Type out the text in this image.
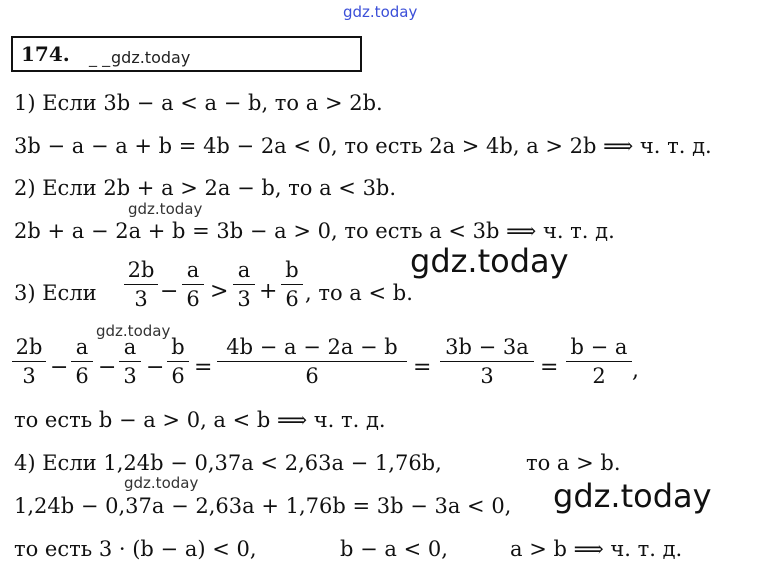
gdz.today
174. _ _ gdz.today
1) Если 3b − a < a − b, то a > 2b.
3b − a − a + b = 4b − 2a < 0, то есть 2a > 4b, a > 2b ⟹ ч. т. д.
2) Если 2b + a > 2a − b, то a < 3b.
gdz.today
2b + a − 2a + b = 3b − a > 0, то есть a < 3b ⟹ ч. т. д.
gdz.today
3) Если
2b
3 −
a
6 >
a
3 +
b
6 , то a < b.
gdz.today
2b
3 −
a
6 −
a
3 −
b
6 =
4b − a − 2a − b
6	=
3b − 3a
3	=
b − a
2	,
то есть b − a > 0, a < b ⟹ ч. т. д.
4) Если 1,24b − 0,37a < 2,63a − 1,76b,	то a > b.
gdz.today
1,24b − 0,37a − 2,63a + 1,76b = 3b − 3a < 0, gdz.today
то есть 3 · (b − a) < 0,	b − a < 0,	a > b ⟹ ч. т. д.
